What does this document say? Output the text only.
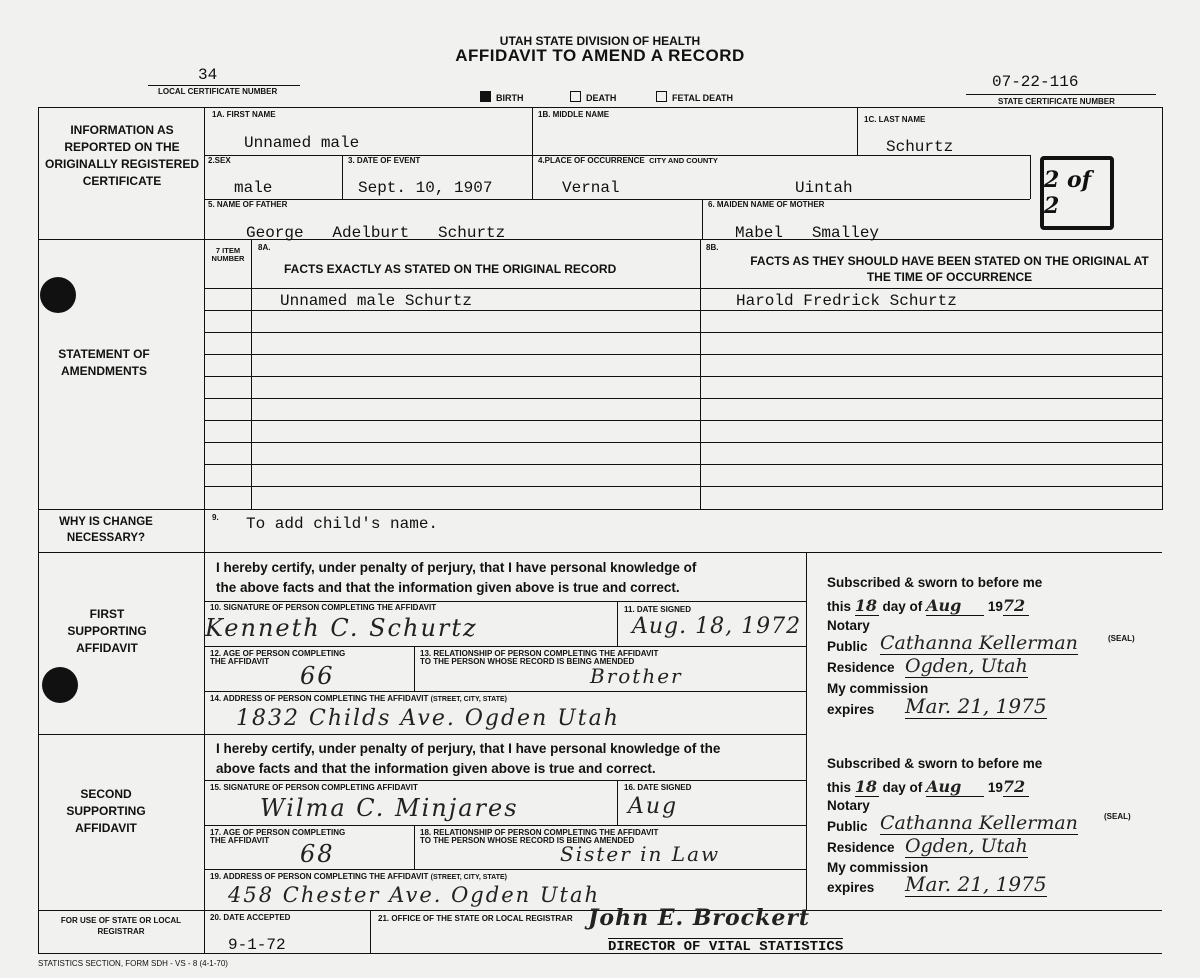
UTAH STATE DIVISION OF HEALTH
AFFIDAVIT TO AMEND A RECORD
34
LOCAL CERTIFICATE NUMBER
07-22-116
STATE CERTIFICATE NUMBER
BIRTH	DEATH	FETAL DEATH
2 of 2
INFORMATION AS REPORTED ON THE ORIGINALLY REGISTERED CERTIFICATE
1A. FIRST NAME
Unnamed male
1B. MIDDLE NAME
1C. LAST NAME
Schurtz
2.SEX
male
3. DATE OF EVENT
Sept. 10, 1907
4.PLACE OF OCCURRENCE CITY AND COUNTY
Vernal	Uintah
5. NAME OF FATHER
George   Adelburt   Schurtz
6. MAIDEN NAME OF MOTHER
Mabel   Smalley
STATEMENT OF AMENDMENTS
7 ITEM NUMBER
8A.
FACTS EXACTLY AS STATED ON THE ORIGINAL RECORD
8B.
FACTS AS THEY SHOULD HAVE BEEN STATED ON THE ORIGINAL AT THE TIME OF OCCURRENCE
Unnamed male Schurtz	Harold Fredrick Schurtz
WHY IS CHANGE NECESSARY?
9. To add child's name.
FIRST SUPPORTING AFFIDAVIT
I hereby certify, under penalty of perjury, that I have personal knowledge of the above facts and that the information given above is true and correct.
10. SIGNATURE OF PERSON COMPLETING THE AFFIDAVIT
Kenneth C. Schurtz
11. DATE SIGNED
Aug. 18, 1972
12. AGE OF PERSON COMPLETING THE AFFIDAVIT
66
13. RELATIONSHIP OF PERSON COMPLETING THE AFFIDAVIT TO THE PERSON WHOSE RECORD IS BEING AMENDED
Brother
14. ADDRESS OF PERSON COMPLETING THE AFFIDAVIT (STREET, CITY, STATE)
1832 Childs Ave. Ogden Utah
Subscribed & sworn to before me
this 18 day of Aug 1972
Notary
Public Cathanna Kellerman	(SEAL)
Residence Ogden, Utah
My commission
expires Mar. 21, 1975
SECOND SUPPORTING AFFIDAVIT
I hereby certify, under penalty of perjury, that I have personal knowledge of the above facts and that the information given above is true and correct.
15. SIGNATURE OF PERSON COMPLETING AFFIDAVIT
Wilma C. Minjares
16. DATE SIGNED
Aug
17. AGE OF PERSON COMPLETING THE AFFIDAVIT	68
18. RELATIONSHIP OF PERSON COMPLETING THE AFFIDAVIT TO THE PERSON WHOSE RECORD IS BEING AMENDED
Sister in Law
19. ADDRESS OF PERSON COMPLETING THE AFFIDAVIT (STREET, CITY, STATE)
458 Chester Ave. Ogden Utah
Subscribed & sworn to before me
this 18 day of Aug 1972
Notary
Public Cathanna Kellerman	(SEAL)
Residence Ogden, Utah
My commission
expires Mar. 21, 1975
FOR USE OF STATE OR LOCAL REGISTRAR
20. DATE ACCEPTED
9-1-72
21. OFFICE OF THE STATE OR LOCAL REGISTRAR John E. Brockert
DIRECTOR OF VITAL STATISTICS
STATISTICS SECTION, FORM SDH - VS - 8 (4-1-70)
